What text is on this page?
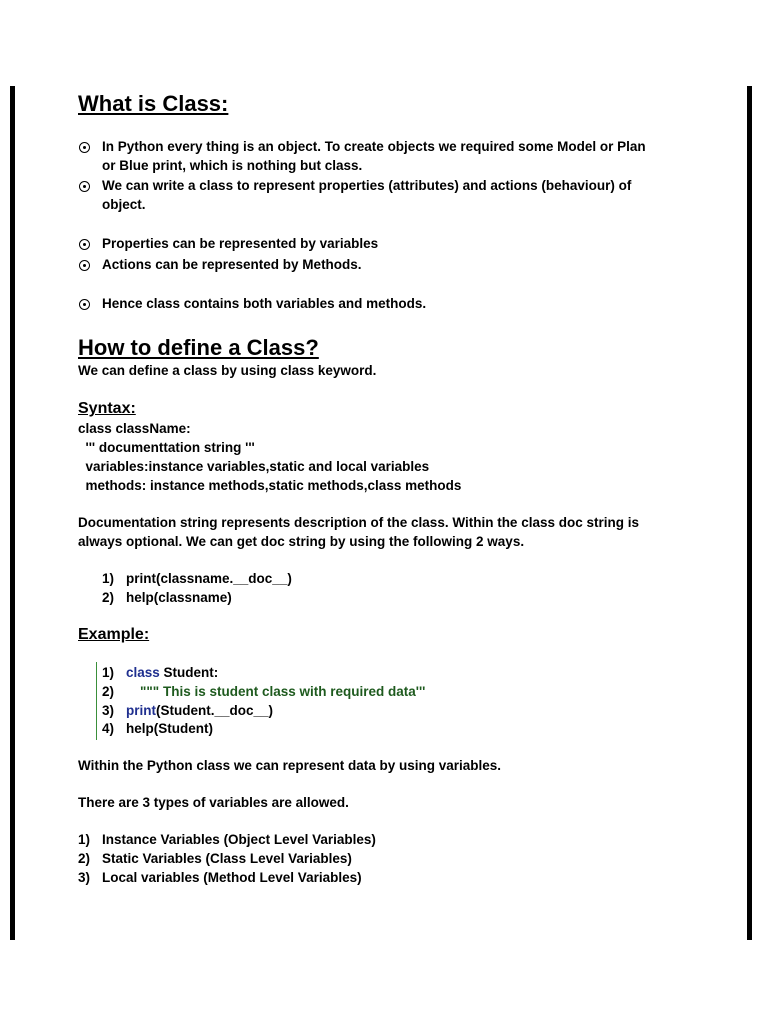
What is Class:
In Python every thing is an object. To create objects we required some Model or Plan
or Blue print, which is nothing but class.
We can write a class to represent properties (attributes) and actions (behaviour) of
object.
Properties can be represented by variables
Actions can be represented by Methods.
Hence class contains both variables and methods.
How to define a Class?
We can define a class by using class keyword.
Syntax:
class className:
''' documenttation string '''
variables:instance variables,static and local variables
methods: instance methods,static methods,class methods
Documentation string represents description of the class. Within the class doc string is
always optional. We can get doc string by using the following 2 ways.
1) print(classname.__doc__)
2) help(classname)
Example:
1) class Student:
2) """ This is student class with required data'''
3) print(Student.__doc__)
4) help(Student)
Within the Python class we can represent data by using variables.
There are 3 types of variables are allowed.
1) Instance Variables (Object Level Variables)
2) Static Variables (Class Level Variables)
3) Local variables (Method Level Variables)
